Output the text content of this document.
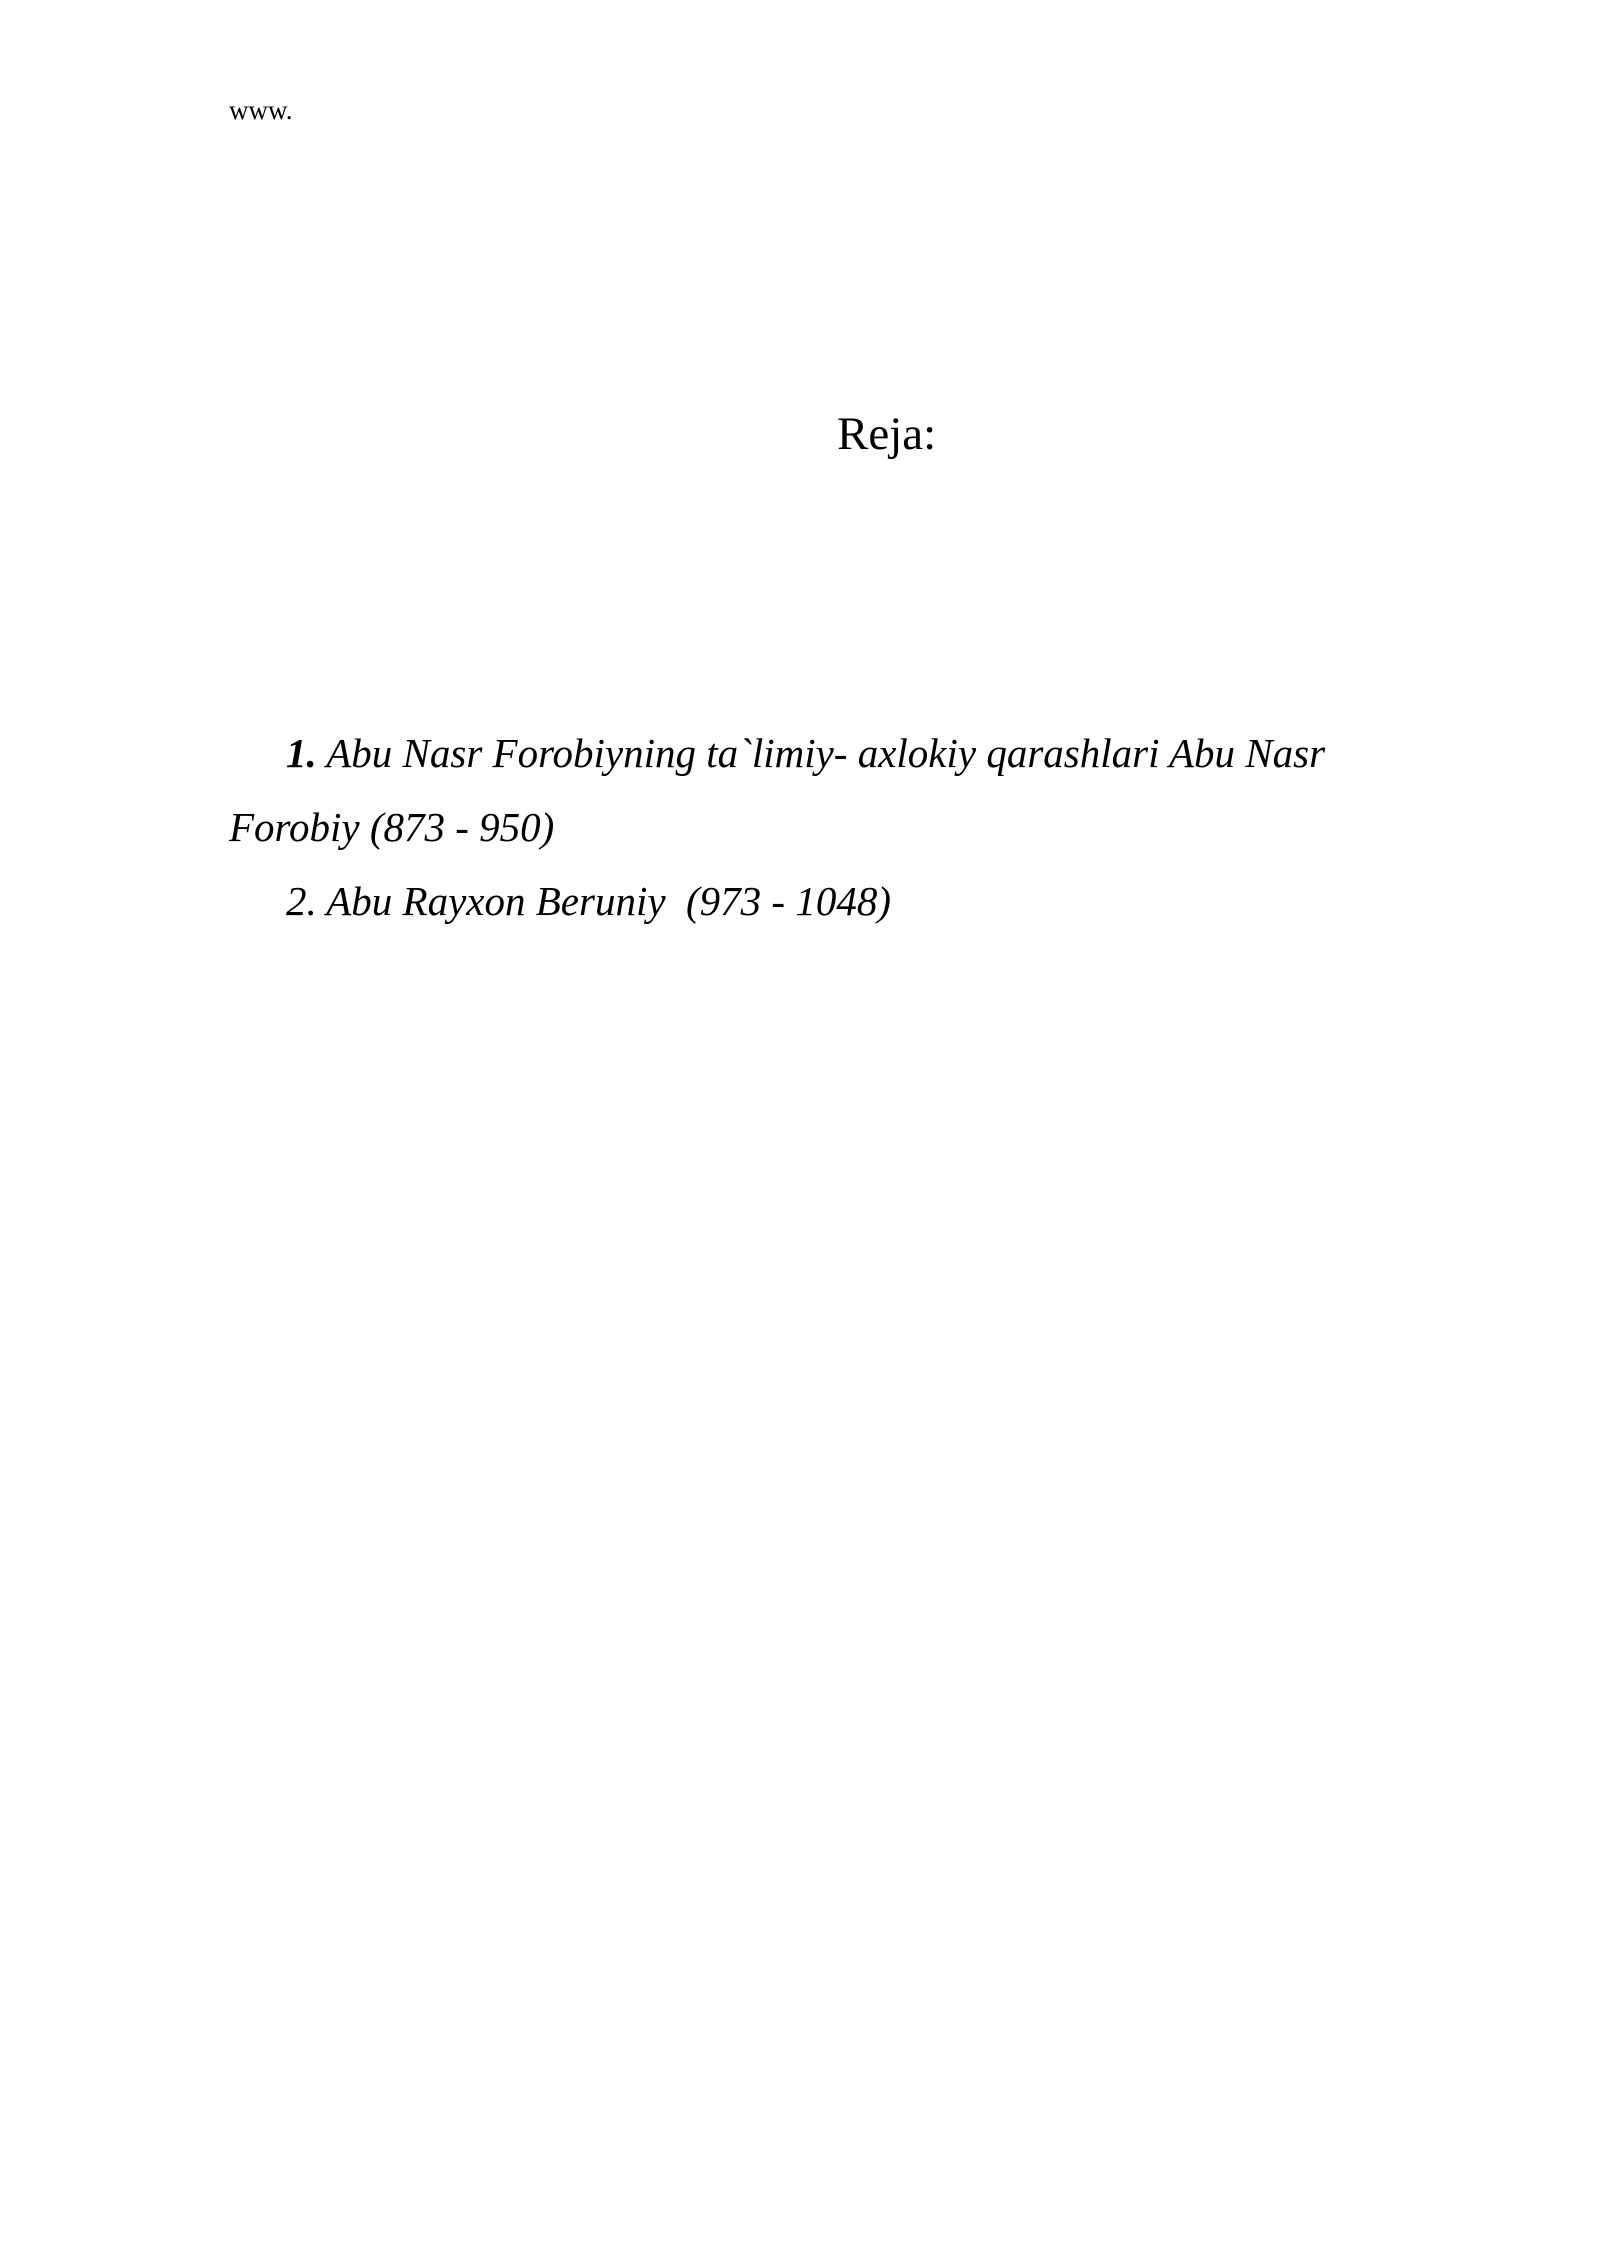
www.
Reja:

1. Abu Nasr Forobiyning ta`limiy- axlokiy qarashlari Abu Nasr Forobiy (873 - 950)

2. Abu Rayxon Beruniy  (973 - 1048)
